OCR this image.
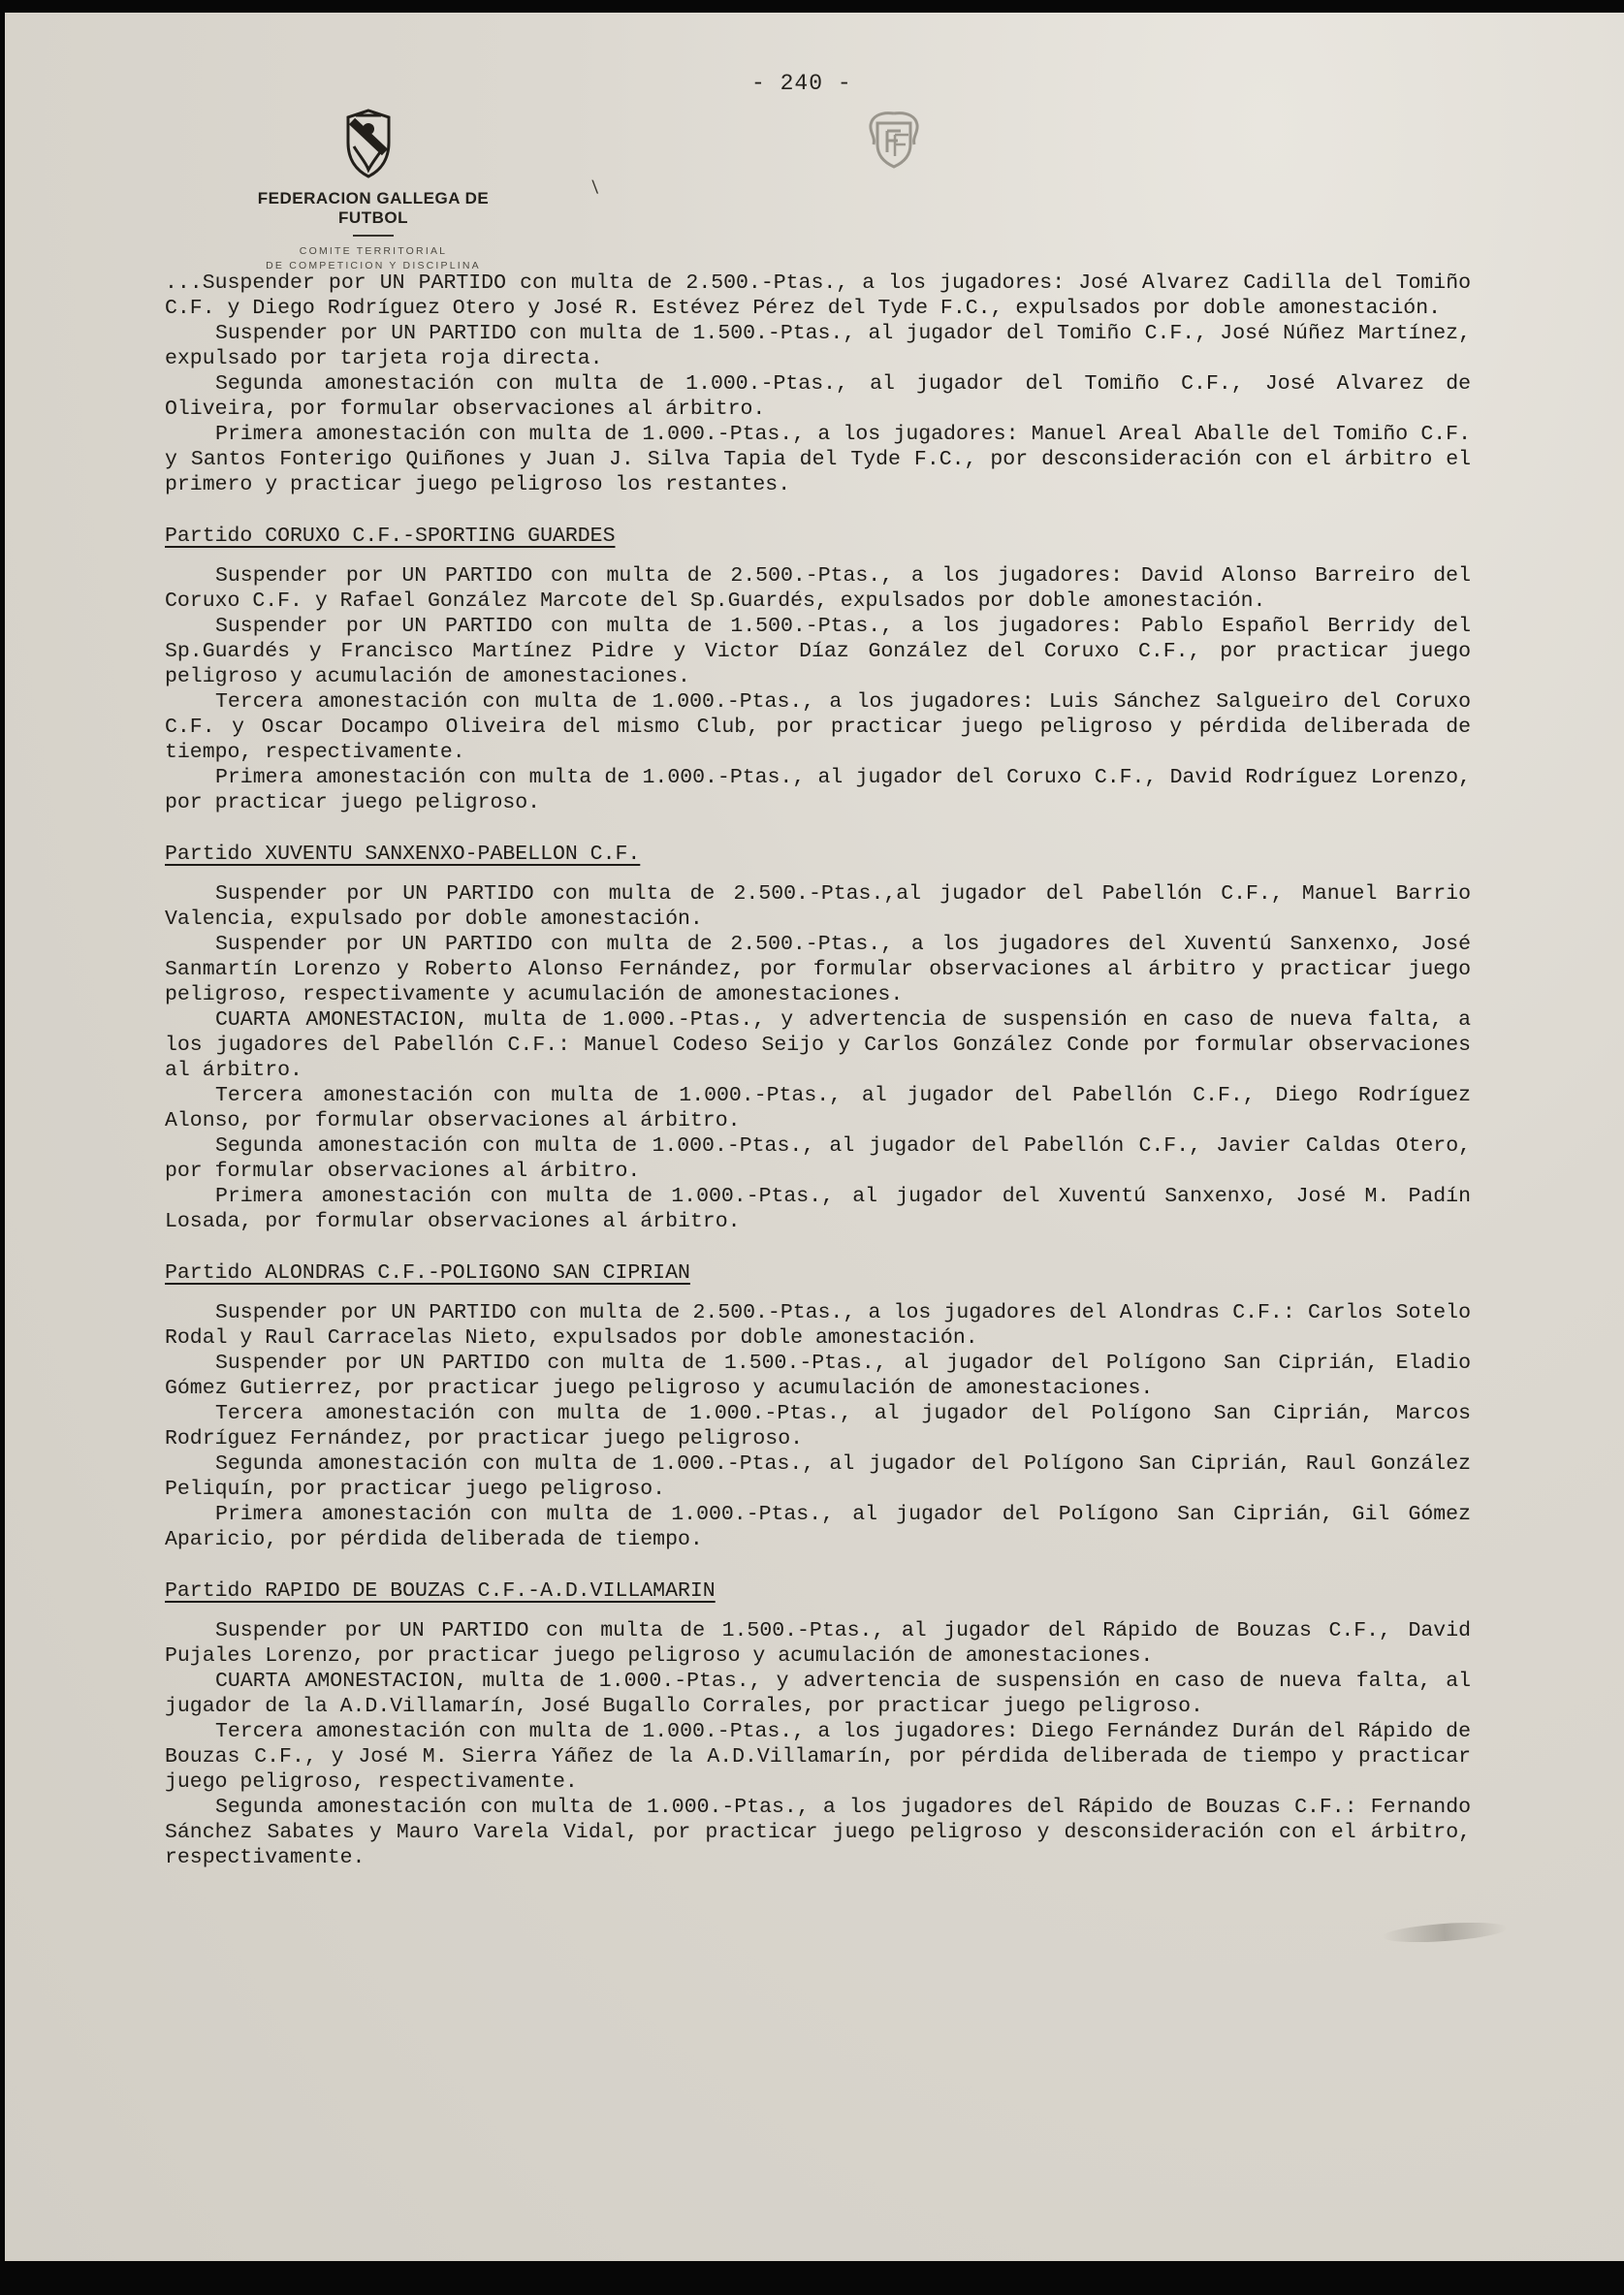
- 240 -
FEDERACION GALLEGA DE FUTBOL
COMITE TERRITORIAL
DE COMPETICION Y DISCIPLINA
\

...Suspender por UN PARTIDO con multa de 2.500.-Ptas., a los jugadores: José Alvarez Cadilla del Tomiño C.F. y Diego Rodríguez Otero y José R. Estévez Pérez del Tyde F.C., expulsados por doble amonestación.

Suspender por UN PARTIDO con multa de 1.500.-Ptas., al jugador del Tomiño C.F., José Núñez Martínez, expulsado por tarjeta roja directa.

Segunda amonestación con multa de 1.000.-Ptas., al jugador del Tomiño C.F., José Alvarez de Oliveira, por formular observaciones al árbitro.

Primera amonestación con multa de 1.000.-Ptas., a los jugadores: Manuel Areal Aballe del Tomiño C.F. y Santos Fonterigo Quiñones y Juan J. Silva Tapia del Tyde F.C., por desconsideración con el árbitro el primero y practicar juego peligroso los restantes.

Partido CORUXO C.F.-SPORTING GUARDES

Suspender por UN PARTIDO con multa de 2.500.-Ptas., a los jugadores: David Alonso Barreiro del Coruxo C.F. y Rafael González Marcote del Sp.Guardés, expulsados por doble amonestación.

Suspender por UN PARTIDO con multa de 1.500.-Ptas., a los jugadores: Pablo Español Berridy del Sp.Guardés y Francisco Martínez Pidre y Victor Díaz González del Coruxo C.F., por practicar juego peligroso y acumulación de amonestaciones.

Tercera amonestación con multa de 1.000.-Ptas., a los jugadores: Luis Sánchez Salgueiro del Coruxo C.F. y Oscar Docampo Oliveira del mismo Club, por practicar juego peligroso y pérdida deliberada de tiempo, respectivamente.

Primera amonestación con multa de 1.000.-Ptas., al jugador del Coruxo C.F., David Rodríguez Lorenzo, por practicar juego peligroso.

Partido XUVENTU SANXENXO-PABELLON C.F.

Suspender por UN PARTIDO con multa de 2.500.-Ptas.,al jugador del Pabellón C.F., Manuel Barrio Valencia, expulsado por doble amonestación.

Suspender por UN PARTIDO con multa de 2.500.-Ptas., a los jugadores del Xuventú Sanxenxo, José Sanmartín Lorenzo y Roberto Alonso Fernández, por formular observaciones al árbitro y practicar juego peligroso, respectivamente y acumulación de amonestaciones.

CUARTA AMONESTACION, multa de 1.000.-Ptas., y advertencia de suspensión en caso de nueva falta, a los jugadores del Pabellón C.F.: Manuel Codeso Seijo y Carlos González Conde por formular observaciones al árbitro.

Tercera amonestación con multa de 1.000.-Ptas., al jugador del Pabellón C.F., Diego Rodríguez Alonso, por formular observaciones al árbitro.

Segunda amonestación con multa de 1.000.-Ptas., al jugador del Pabellón C.F., Javier Caldas Otero, por formular observaciones al árbitro.

Primera amonestación con multa de 1.000.-Ptas., al jugador del Xuventú Sanxenxo, José M. Padín Losada, por formular observaciones al árbitro.

Partido ALONDRAS C.F.-POLIGONO SAN CIPRIAN

Suspender por UN PARTIDO con multa de 2.500.-Ptas., a los jugadores del Alondras C.F.: Carlos Sotelo Rodal y Raul Carracelas Nieto, expulsados por doble amonestación.

Suspender por UN PARTIDO con multa de 1.500.-Ptas., al jugador del Polígono San Ciprián, Eladio Gómez Gutierrez, por practicar juego peligroso y acumulación de amonestaciones.

Tercera amonestación con multa de 1.000.-Ptas., al jugador del Polígono San Ciprián, Marcos Rodríguez Fernández, por practicar juego peligroso.

Segunda amonestación con multa de 1.000.-Ptas., al jugador del Polígono San Ciprián, Raul González Peliquín, por practicar juego peligroso.

Primera amonestación con multa de 1.000.-Ptas., al jugador del Polígono San Ciprián, Gil Gómez Aparicio, por pérdida deliberada de tiempo.

Partido RAPIDO DE BOUZAS C.F.-A.D.VILLAMARIN

Suspender por UN PARTIDO con multa de 1.500.-Ptas., al jugador del Rápido de Bouzas C.F., David Pujales Lorenzo, por practicar juego peligroso y acumulación de amonestaciones.

CUARTA AMONESTACION, multa de 1.000.-Ptas., y advertencia de suspensión en caso de nueva falta, al jugador de la A.D.Villamarín, José Bugallo Corrales, por practicar juego peligroso.

Tercera amonestación con multa de 1.000.-Ptas., a los jugadores: Diego Fernández Durán del Rápido de Bouzas C.F., y José M. Sierra Yáñez de la A.D.Villamarín, por pérdida deliberada de tiempo y practicar juego peligroso, respectivamente.

Segunda amonestación con multa de 1.000.-Ptas., a los jugadores del Rápido de Bouzas C.F.: Fernando Sánchez Sabates y Mauro Varela Vidal, por practicar juego peligroso y desconsideración con el árbitro, respectivamente.
